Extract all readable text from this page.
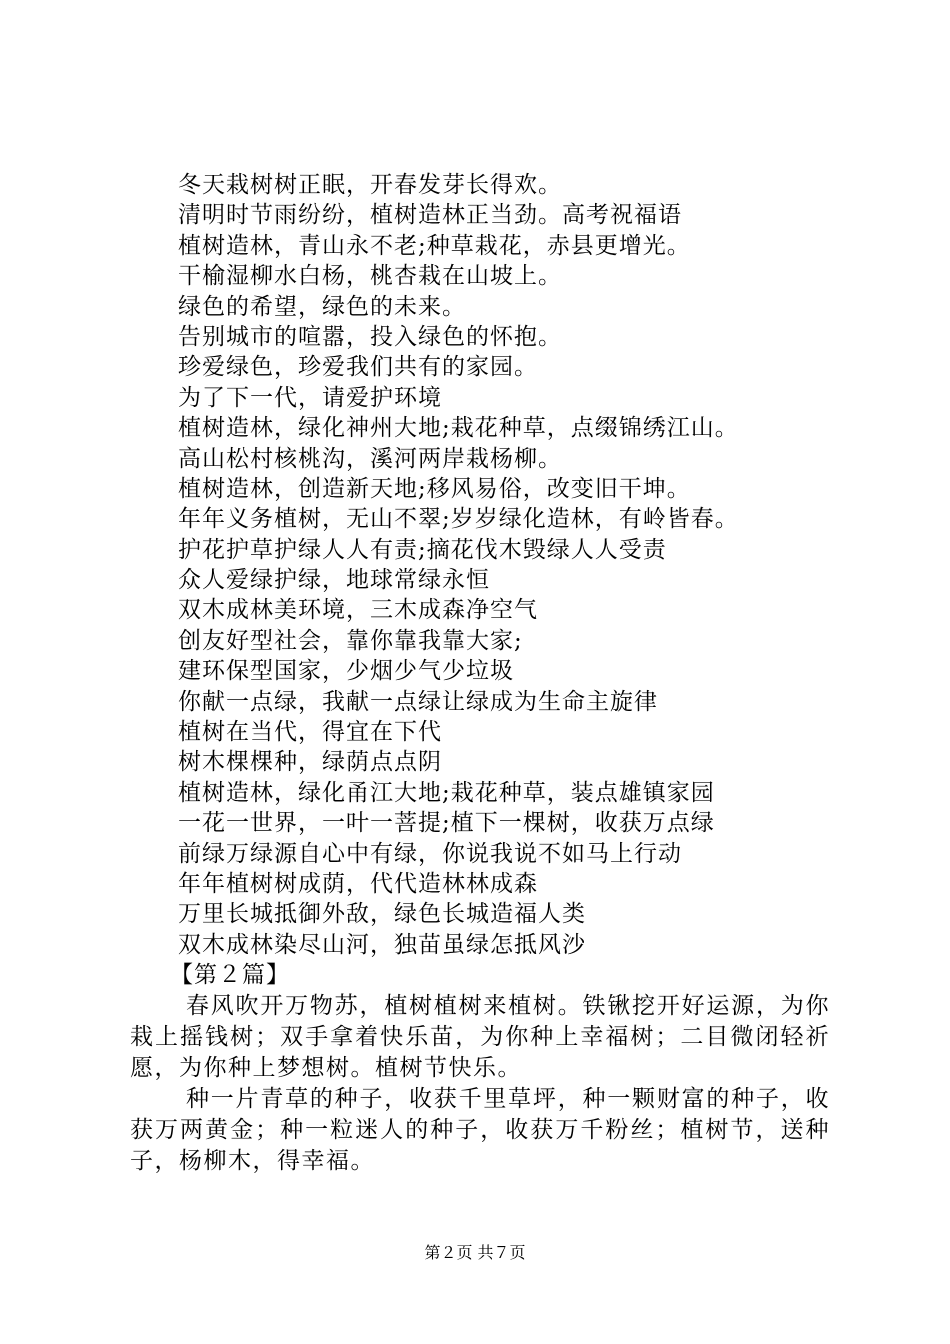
冬天栽树树正眠，开春发芽长得欢。
清明时节雨纷纷，植树造林正当劲。高考祝福语
植树造林，青山永不老;种草栽花，赤县更增光。
干榆湿柳水白杨，桃杏栽在山坡上。
绿色的希望，绿色的未来。
告别城市的喧嚣，投入绿色的怀抱。
珍爱绿色，珍爱我们共有的家园。
为了下一代，请爱护环境
植树造林，绿化神州大地;栽花种草，点缀锦绣江山。
高山松村核桃沟，溪河两岸栽杨柳。
植树造林，创造新天地;移风易俗，改变旧干坤。
年年义务植树，无山不翠;岁岁绿化造林，有岭皆春。
护花护草护绿人人有责;摘花伐木毁绿人人受责
众人爱绿护绿，地球常绿永恒
双木成林美环境，三木成森净空气
创友好型社会，靠你靠我靠大家;
建环保型国家，少烟少气少垃圾
你献一点绿，我献一点绿让绿成为生命主旋律
植树在当代，得宜在下代
树木棵棵种，绿荫点点阴
植树造林，绿化甬江大地;栽花种草，装点雄镇家园
一花一世界，一叶一菩提;植下一棵树，收获万点绿
前绿万绿源自心中有绿，你说我说不如马上行动
年年植树树成荫，代代造林林成森
万里长城抵御外敌，绿色长城造福人类
双木成林染尽山河，独苗虽绿怎抵风沙
【第２篇】

春风吹开万物苏，植树植树来植树。铁锹挖开好运源，为你栽上摇钱树；双手拿着快乐苗，为你种上幸福树；二目微闭轻祈愿，为你种上梦想树。植树节快乐。

种一片青草的种子，收获千里草坪，种一颗财富的种子，收获万两黄金；种一粒迷人的种子，收获万千粉丝；植树节，送种子，杨柳木，得幸福。

第２页 共７页
